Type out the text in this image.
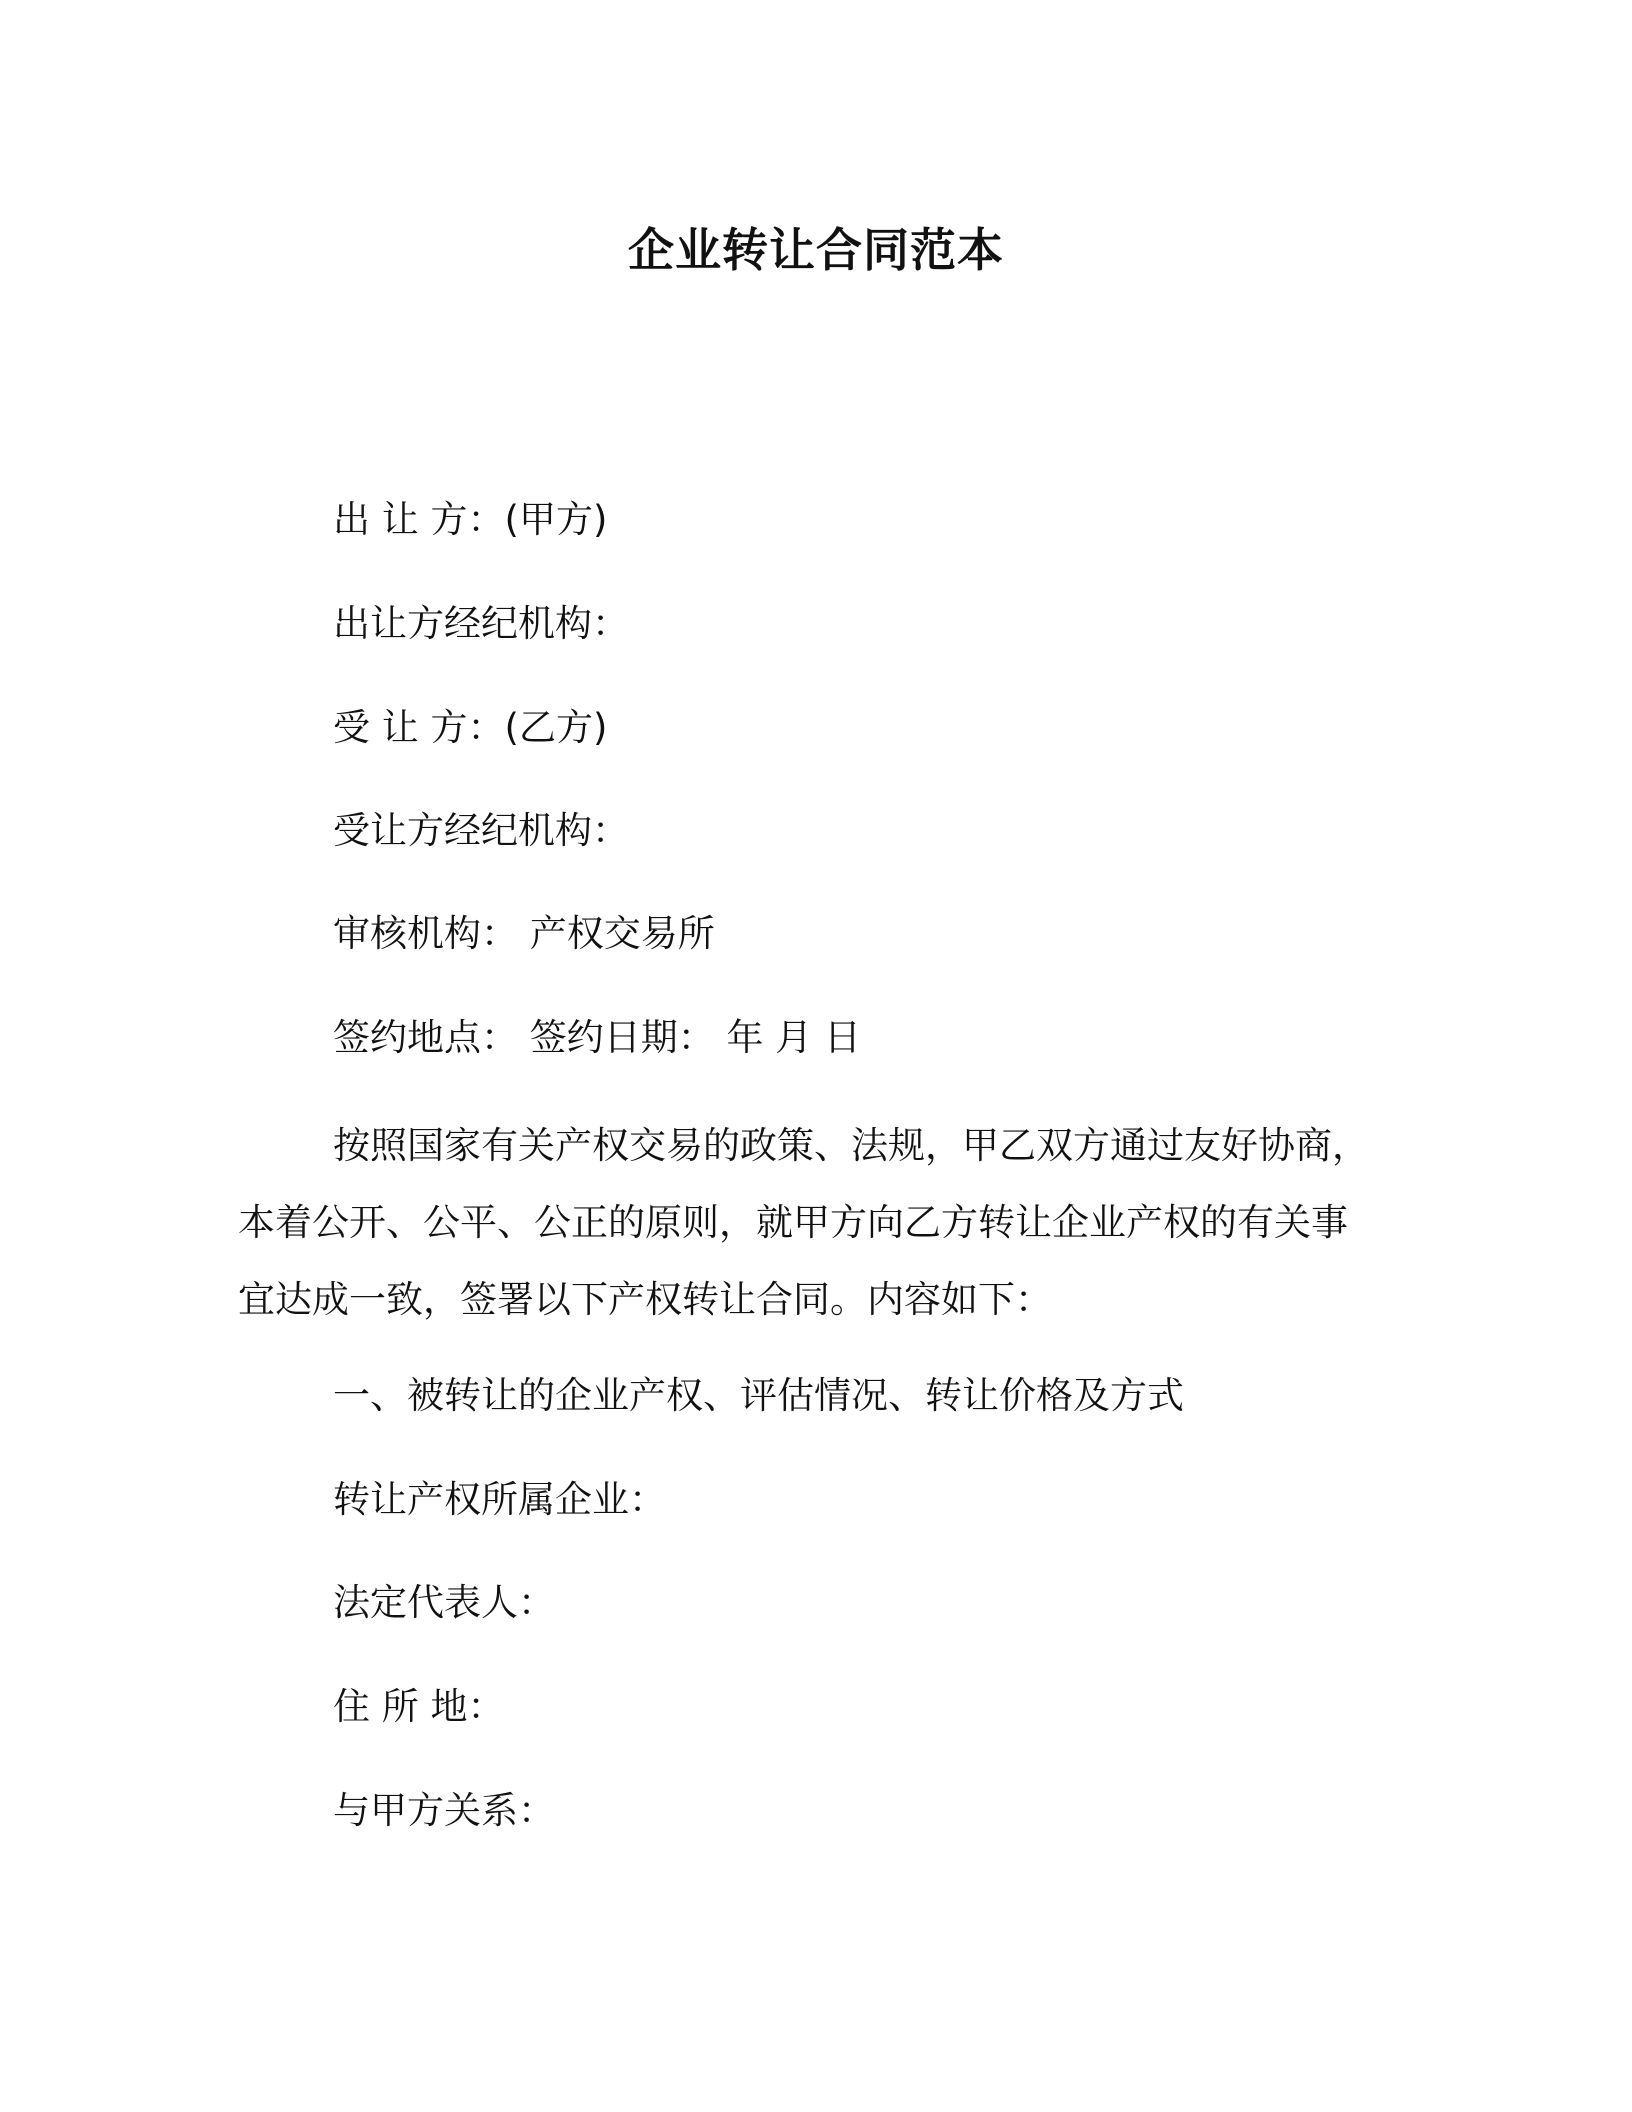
企业转让合同范本
出 让 方：(甲方)
出让方经纪机构：
受 让 方：(乙方)
受让方经纪机构：
审核机构： 产权交易所
签约地点： 签约日期： 年 月 日
按照国家有关产权交易的政策、法规，甲乙双方通过友好协商，
本着公开、公平、公正的原则，就甲方向乙方转让企业产权的有关事
宜达成一致，签署以下产权转让合同。内容如下：
一、被转让的企业产权、评估情况、转让价格及方式
转让产权所属企业：
法定代表人：
住 所 地：
与甲方关系：
